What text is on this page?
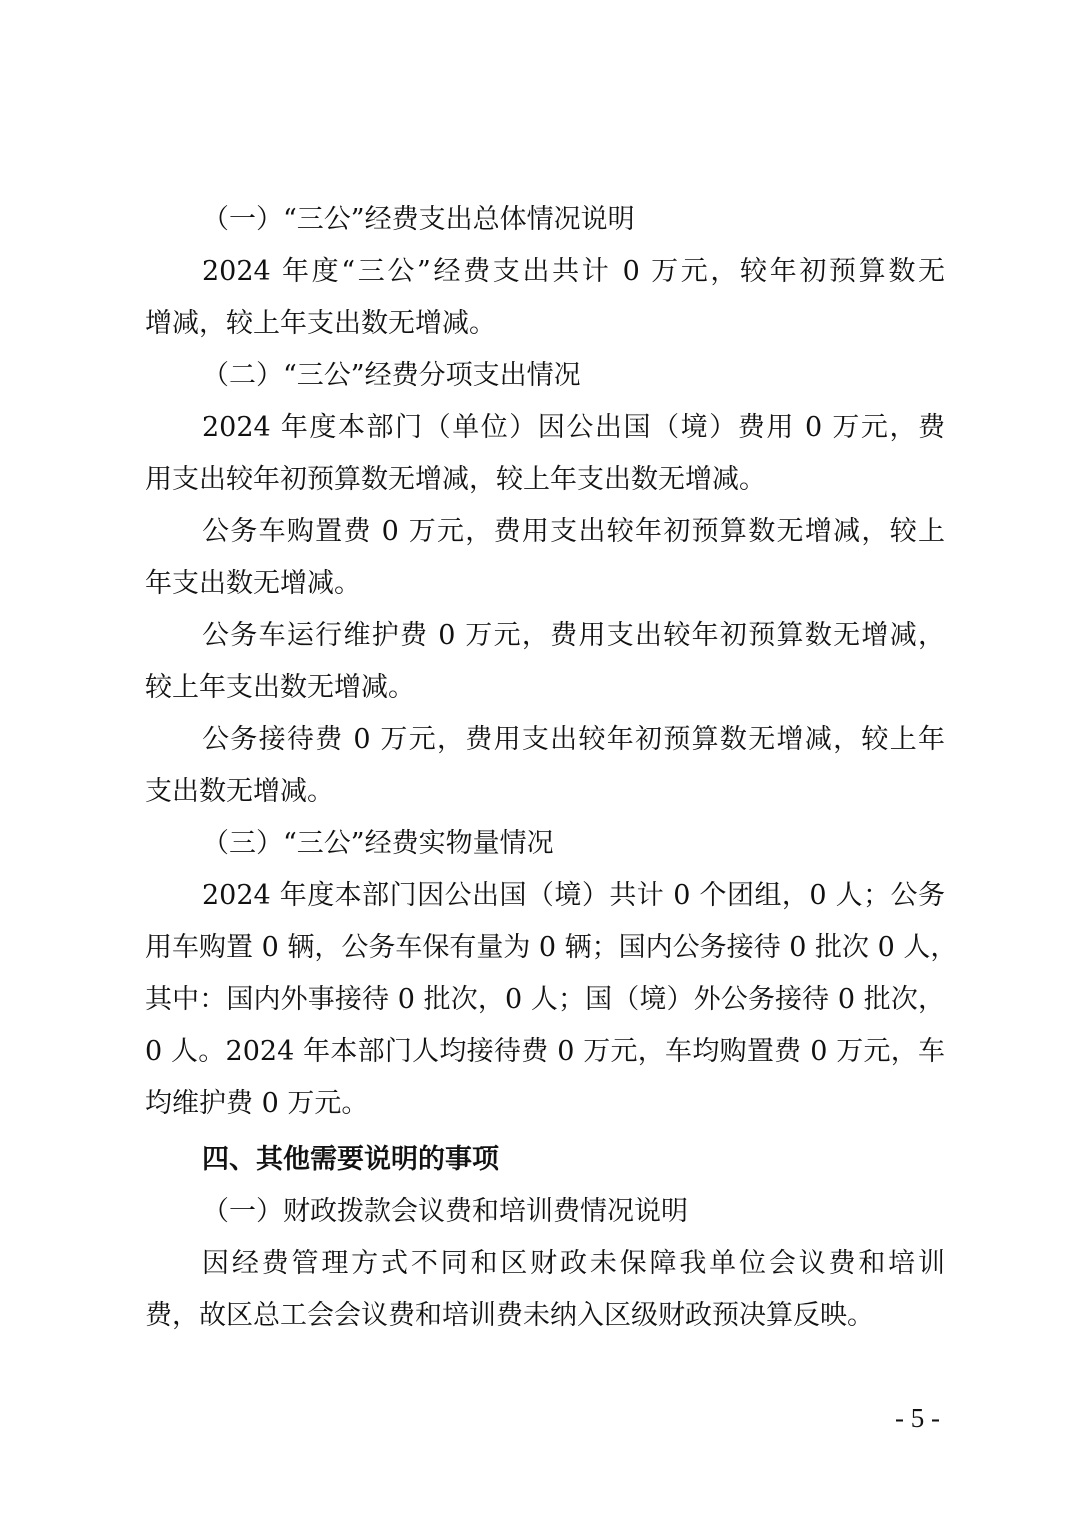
（一）“三公”经费支出总体情况说明
2024 年度“三公”经费支出共计 0 万元，较年初预算数无
增减，较上年支出数无增减。
（二）“三公”经费分项支出情况
2024 年度本部门（单位）因公出国（境）费用 0 万元，费
用支出较年初预算数无增减，较上年支出数无增减。
公务车购置费 0 万元，费用支出较年初预算数无增减，较上
年支出数无增减。
公务车运行维护费 0 万元，费用支出较年初预算数无增减，
较上年支出数无增减。
公务接待费 0 万元，费用支出较年初预算数无增减，较上年
支出数无增减。
（三）“三公”经费实物量情况
2024 年度本部门因公出国（境）共计 0 个团组，0 人；公务
用车购置 0 辆，公务车保有量为 0 辆；国内公务接待 0 批次 0 人，
其中：国内外事接待 0 批次，0 人；国（境）外公务接待 0 批次，
0 人。2024 年本部门人均接待费 0 万元，车均购置费 0 万元，车
均维护费 0 万元。
四、其他需要说明的事项
（一）财政拨款会议费和培训费情况说明
因经费管理方式不同和区财政未保障我单位会议费和培训
费，故区总工会会议费和培训费未纳入区级财政预决算反映。
- 5 -
